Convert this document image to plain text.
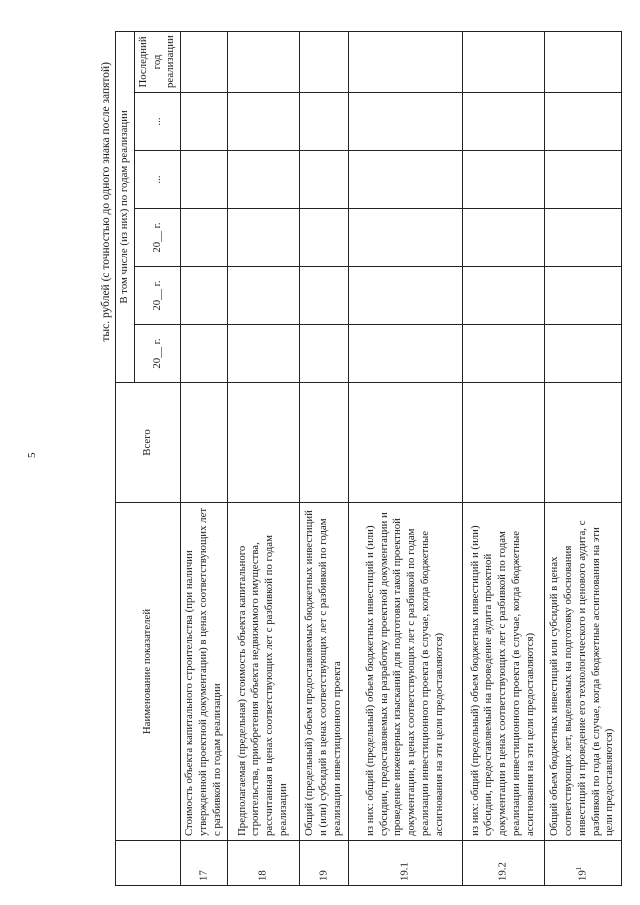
5
тыс. рублей (с точностью до одного знака после запятой)
	Наименование показателей	Всего	В том числе (из них) по годам реализации					
			20__ г.	20__ г.	20__ г.	...	...	Последний год реализации
17	Стоимость объекта капитального строительства (при наличии утвержденной проектной документации) в ценах соответствующих лет с разбивкой по годам реализации							
18	Предполагаемая (предельная) стоимость объекта капитального строительства, приобретения объекта недвижимого имущества, рассчитанная в ценах соответствующих лет с разбивкой по годам реализации							
19	Общий (предельный) объем предоставляемых бюджетных инвестиций и (или) субсидий в ценах соответствующих лет с разбивкой по годам реализации инвестиционного проекта							
19.1	из них: общий (предельный) объем бюджетных инвестиций и (или) субсидии, предоставляемых на разработку проектной документации и проведение инженерных изысканий для подготовки такой проектной документации, в ценах соответствующих лет с разбивкой по годам реализации инвестиционного проекта (в случае, когда бюджетные ассигнования на эти цели предоставляются)							
19.2	из них: общий (предельный) объем бюджетных инвестиций и (или) субсидии, предоставляемый на проведение аудита проектной документации в ценах соответствующих лет с разбивкой по годам реализации инвестиционного проекта (в случае, когда бюджетные ассигнования на эти цели предоставляются)							
$19^1$	Общий объем бюджетных инвестиций или субсидий в ценах соответствующих лет, выделяемых на подготовку обоснования инвестиций и проведение его технологического и ценового аудита, с разбивкой по года (в случае, когда бюджетные ассигнования на эти цели предоставляются)							
